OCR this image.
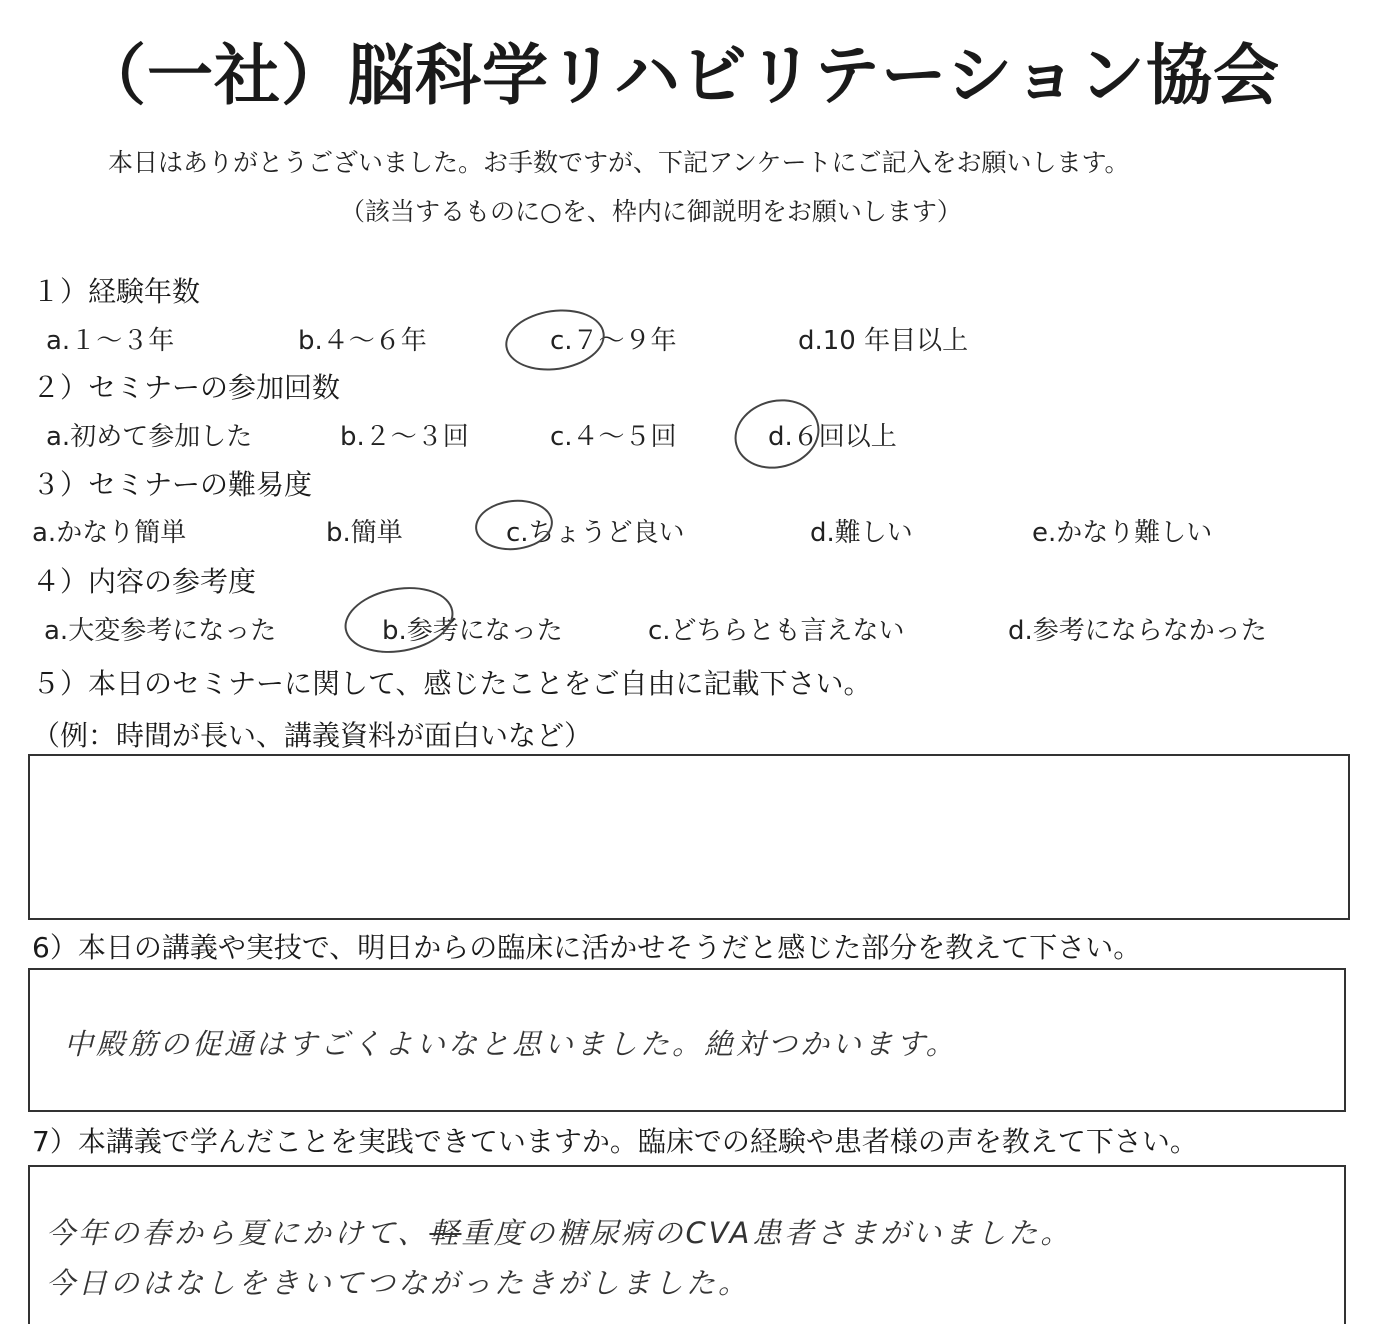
（一社）脳科学リハビリテーション協会
本日はありがとうございました。お手数ですが、下記アンケートにご記入をお願いします。
（該当するものに○を、枠内に御説明をお願いします）
１）経験年数
a.１～３年	b.４～６年	c.７～９年	d.10 年目以上
２）セミナーの参加回数
a.初めて参加した	b.２～３回	c.４～５回	d.６回以上
３）セミナーの難易度
a.かなり簡単	b.簡単	c.ちょうど良い	d.難しい	e.かなり難しい
４）内容の参考度
a.大変参考になった	b.参考になった	c.どちらとも言えない	d.参考にならなかった
５）本日のセミナーに関して、感じたことをご自由に記載下さい。
（例：時間が長い、講義資料が面白いなど）
6）本日の講義や実技で、明日からの臨床に活かせそうだと感じた部分を教えて下さい。
中殿筋の促通はすごくよいなと思いました。絶対つかいます。
7）本講義で学んだことを実践できていますか。臨床での経験や患者様の声を教えて下さい。
今年の春から夏にかけて、軽重度の糖尿病のCVA患者さまがいました。
今日のはなしをきいてつながったきがしました。
